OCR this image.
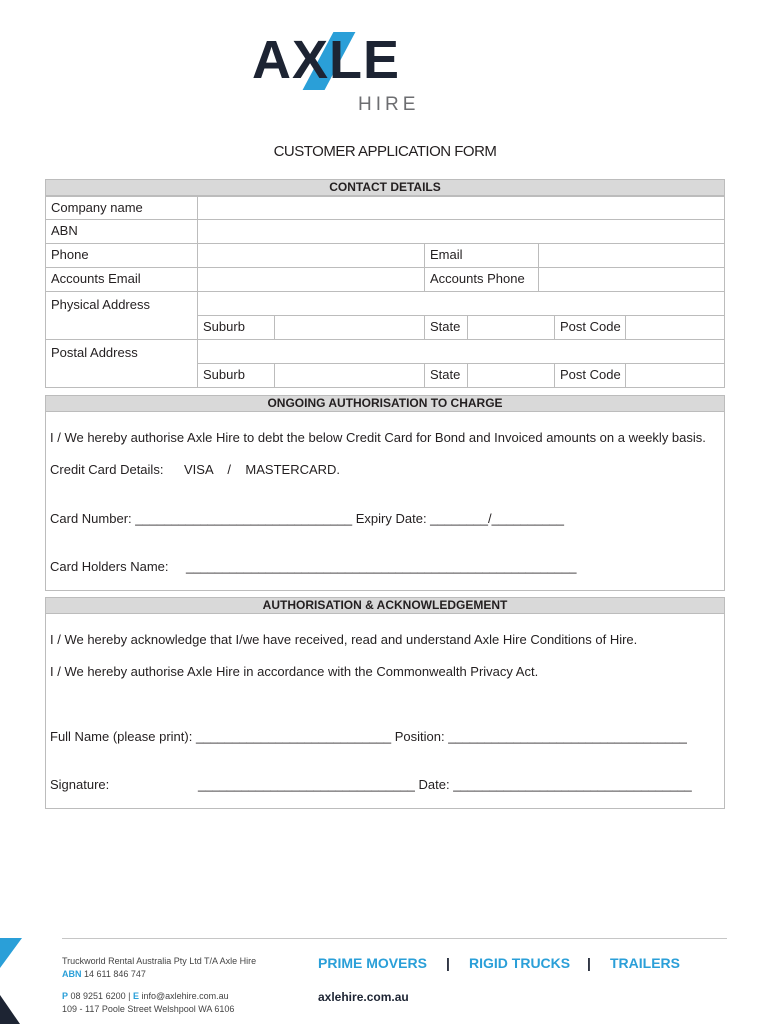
AXLE
HIRE
CUSTOMER APPLICATION FORM
CONTACT DETAILS
Company name
ABN
Phone	Email
Accounts Email	Accounts Phone
Physical Address
Suburb	State	Post Code
Postal Address
Suburb	State	Post Code
ONGOING AUTHORISATION TO CHARGE
I / We hereby authorise Axle Hire to debt the below Credit Card for Bond and Invoiced amounts on a weekly basis.
Credit Card Details: VISA    /    MASTERCARD.
Card Number: ______________________________ Expiry Date: ________/__________
Card Holders Name: ______________________________________________________
AUTHORISATION & ACKNOWLEDGEMENT
I / We hereby acknowledge that I/we have received, read and understand Axle Hire Conditions of Hire.
I / We hereby authorise Axle Hire in accordance with the Commonwealth Privacy Act.
Full Name (please print): ___________________________ Position: _________________________________
Signature:	______________________________ Date: _________________________________
Truckworld Rental Australia Pty Ltd T/A Axle Hire
ABN 14 611 846 747
P 08 9251 6200 | E info@axlehire.com.au
109 - 117 Poole Street Welshpool WA 6106
PRIME MOVERS | RIGID TRUCKS | TRAILERS
axlehire.com.au
